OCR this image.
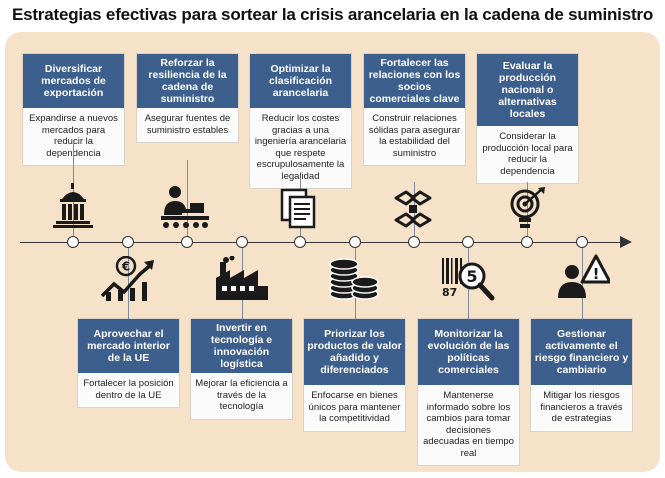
Estrategias efectivas para sortear la crisis arancelaria en la cadena de suministro
Diversificar mercados de exportación
Expandirse a nuevos mercados para reducir la dependencia
Reforzar la resiliencia de la cadena de suministro
Asegurar fuentes de suministro estables
Optimizar la clasificación arancelaria
Reducir los costes gracias a una ingeniería arancelaria que respete escrupulosamente la legalidad
Fortalecer las relaciones con los socios comerciales clave
Construir relaciones sólidas para asegurar la estabilidad del suministro
Evaluar la producción nacional o alternativas locales
Considerar la producción local para reducir la dependencia
Aprovechar el mercado interior de la UE
Fortalecer la posición dentro de la UE
Invertir en tecnología e innovación logística
Mejorar la eficiencia a través de la tecnología
Priorizar los productos de valor añadido y diferenciados
Enfocarse en bienes únicos para mantener la competitividad
Monitorizar la evolución de las políticas comerciales
Mantenerse informado sobre los cambios para tomar decisiones adecuadas en tiempo real
Gestionar activamente el riesgo financiero y cambiario
Mitigar los riesgos financieros a través de estrategias
€
87
5	!
